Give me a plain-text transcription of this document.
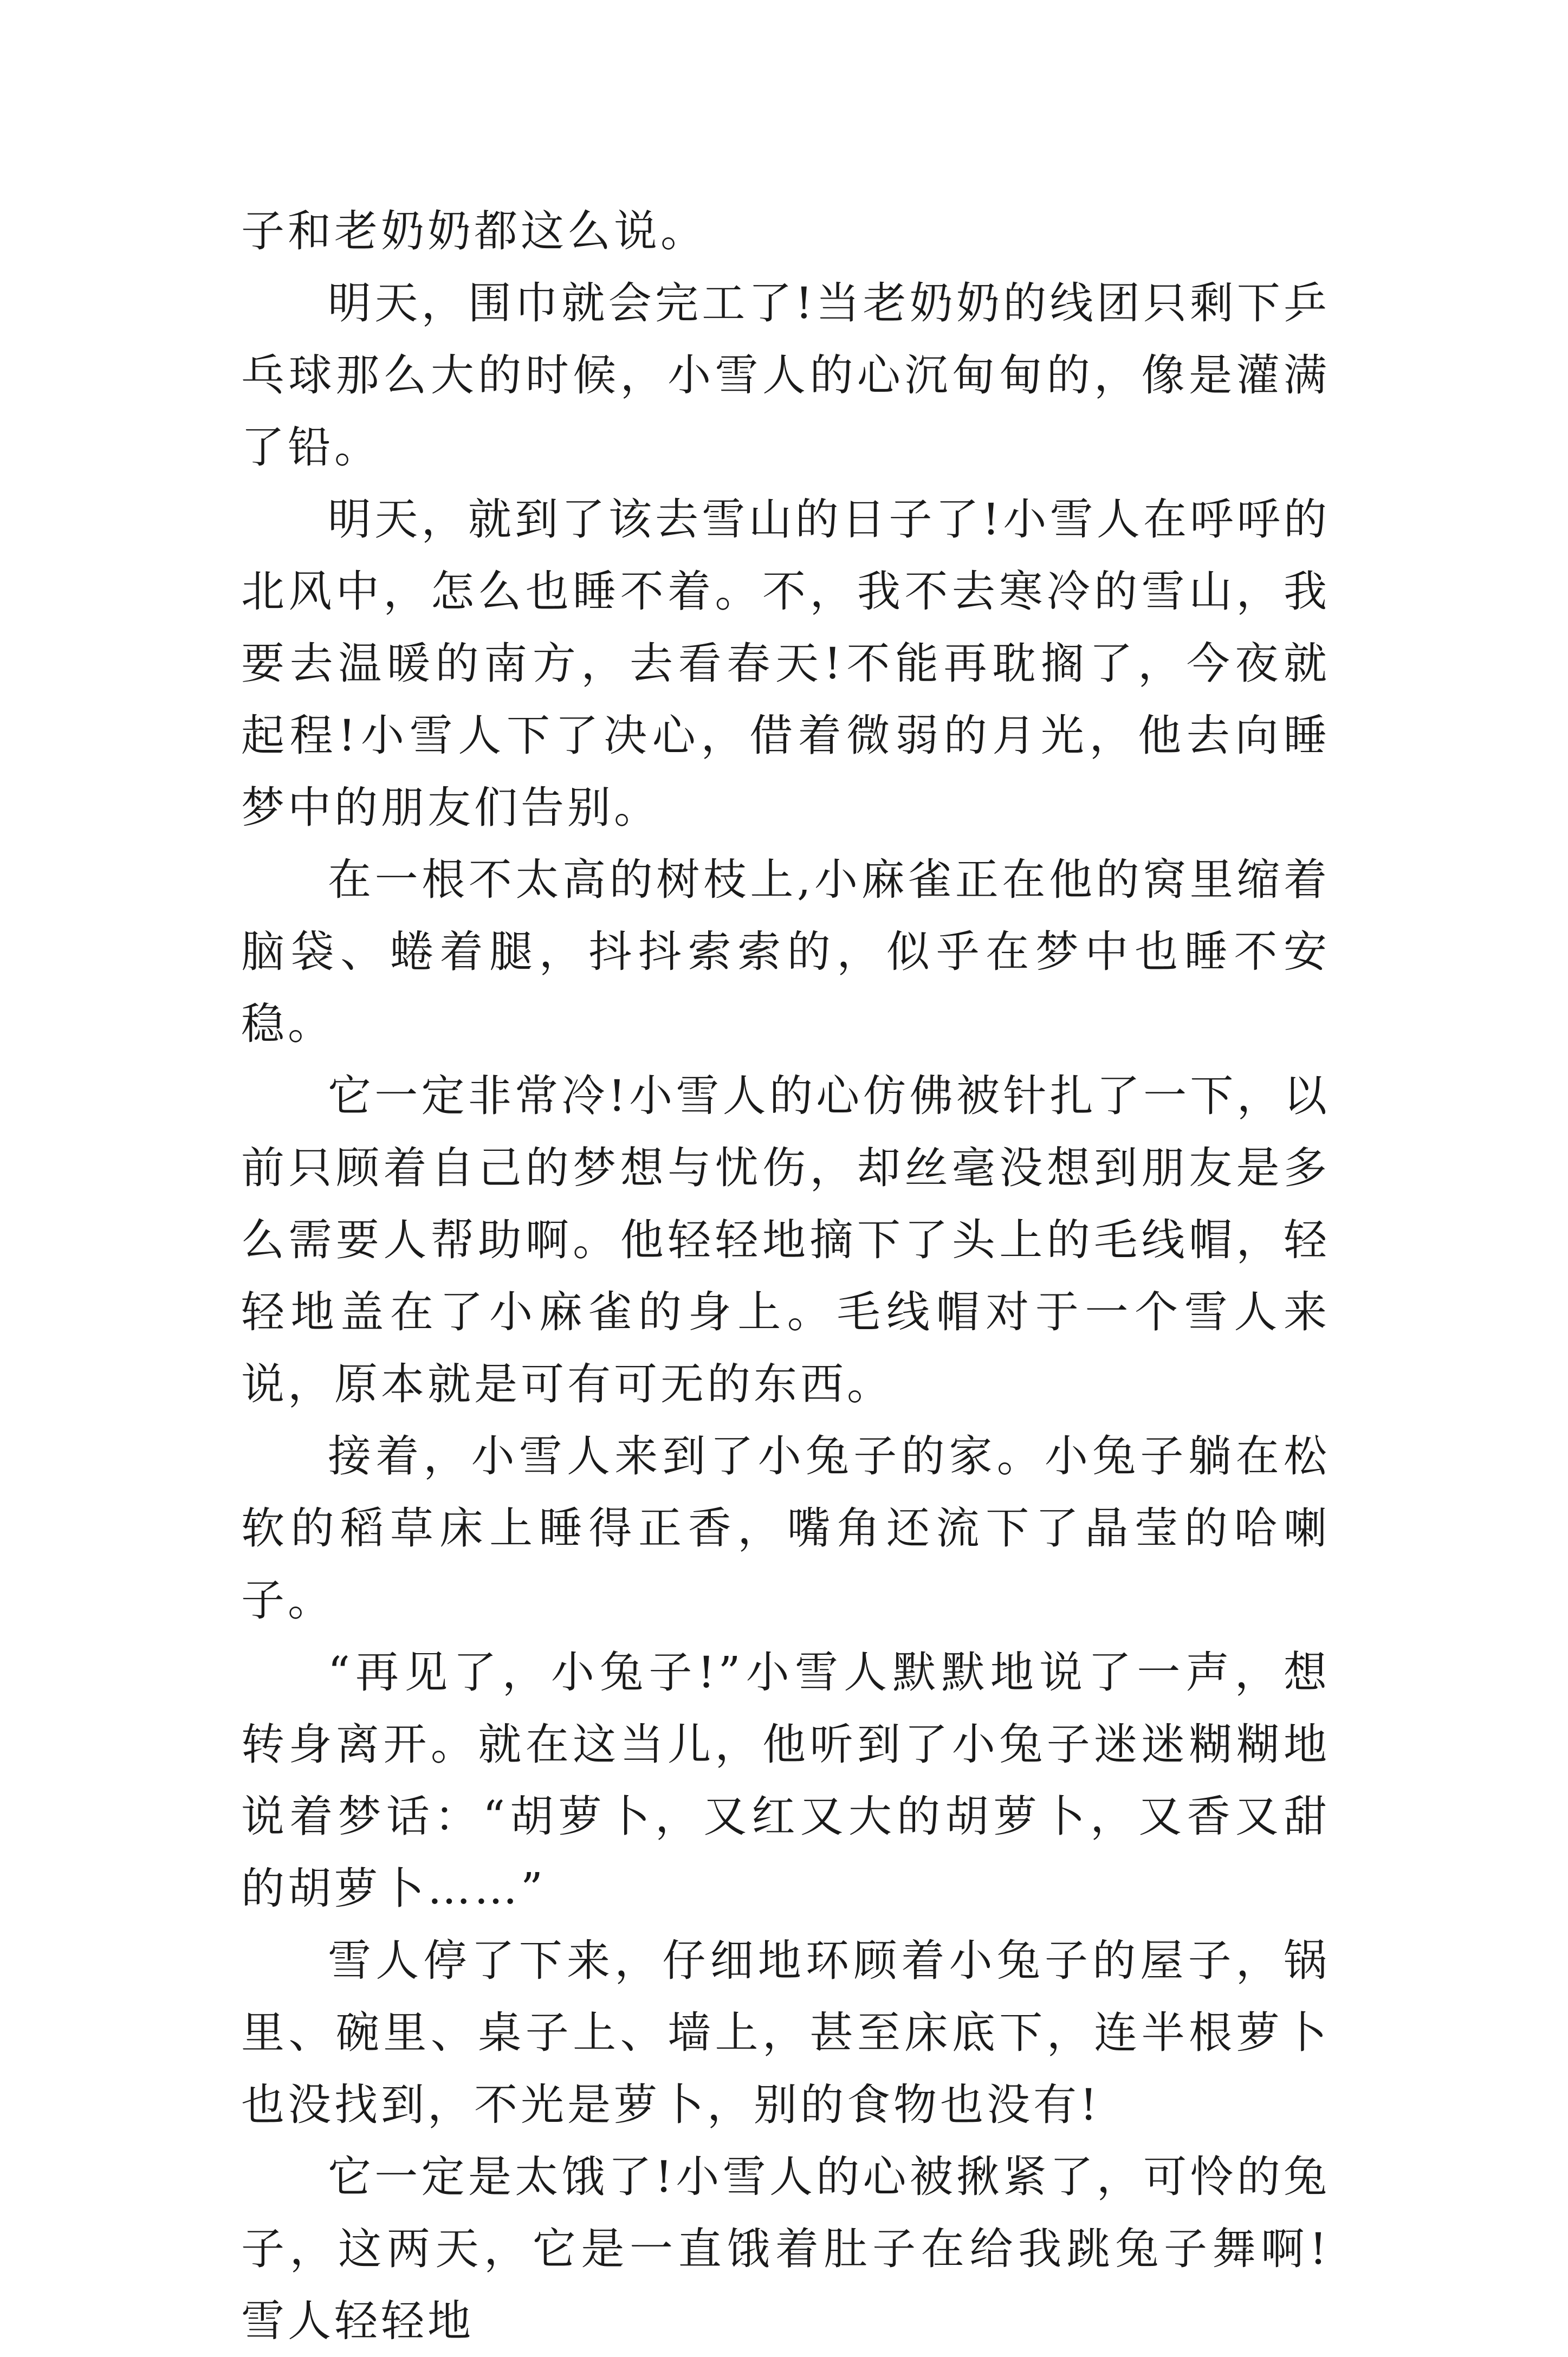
子和老奶奶都这么说。

明天，围巾就会完工了!当老奶奶的线团只剩下乒乓球那么大的时候，小雪人的心沉甸甸的，像是灌满了铅。

明天，就到了该去雪山的日子了!小雪人在呼呼的北风中，怎么也睡不着。不，我不去寒冷的雪山，我要去温暖的南方，去看春天!不能再耽搁了，今夜就起程!小雪人下了决心，借着微弱的月光，他去向睡梦中的朋友们告别。

在一根不太高的树枝上,小麻雀正在他的窝里缩着脑袋、蜷着腿，抖抖索索的，似乎在梦中也睡不安稳。

它一定非常冷!小雪人的心仿佛被针扎了一下，以前只顾着自己的梦想与忧伤，却丝毫没想到朋友是多么需要人帮助啊。他轻轻地摘下了头上的毛线帽，轻轻地盖在了小麻雀的身上。毛线帽对于一个雪人来说，原本就是可有可无的东西。

接着，小雪人来到了小兔子的家。小兔子躺在松软的稻草床上睡得正香，嘴角还流下了晶莹的哈喇子。

“再见了，小兔子!”小雪人默默地说了一声，想转身离开。就在这当儿，他听到了小兔子迷迷糊糊地说着梦话：“胡萝卜，又红又大的胡萝卜，又香又甜的胡萝卜……”

雪人停了下来，仔细地环顾着小兔子的屋子，锅里、碗里、桌子上、墙上，甚至床底下，连半根萝卜也没找到，不光是萝卜，别的食物也没有!

它一定是太饿了!小雪人的心被揪紧了，可怜的兔子，这两天，它是一直饿着肚子在给我跳兔子舞啊!雪人轻轻地
